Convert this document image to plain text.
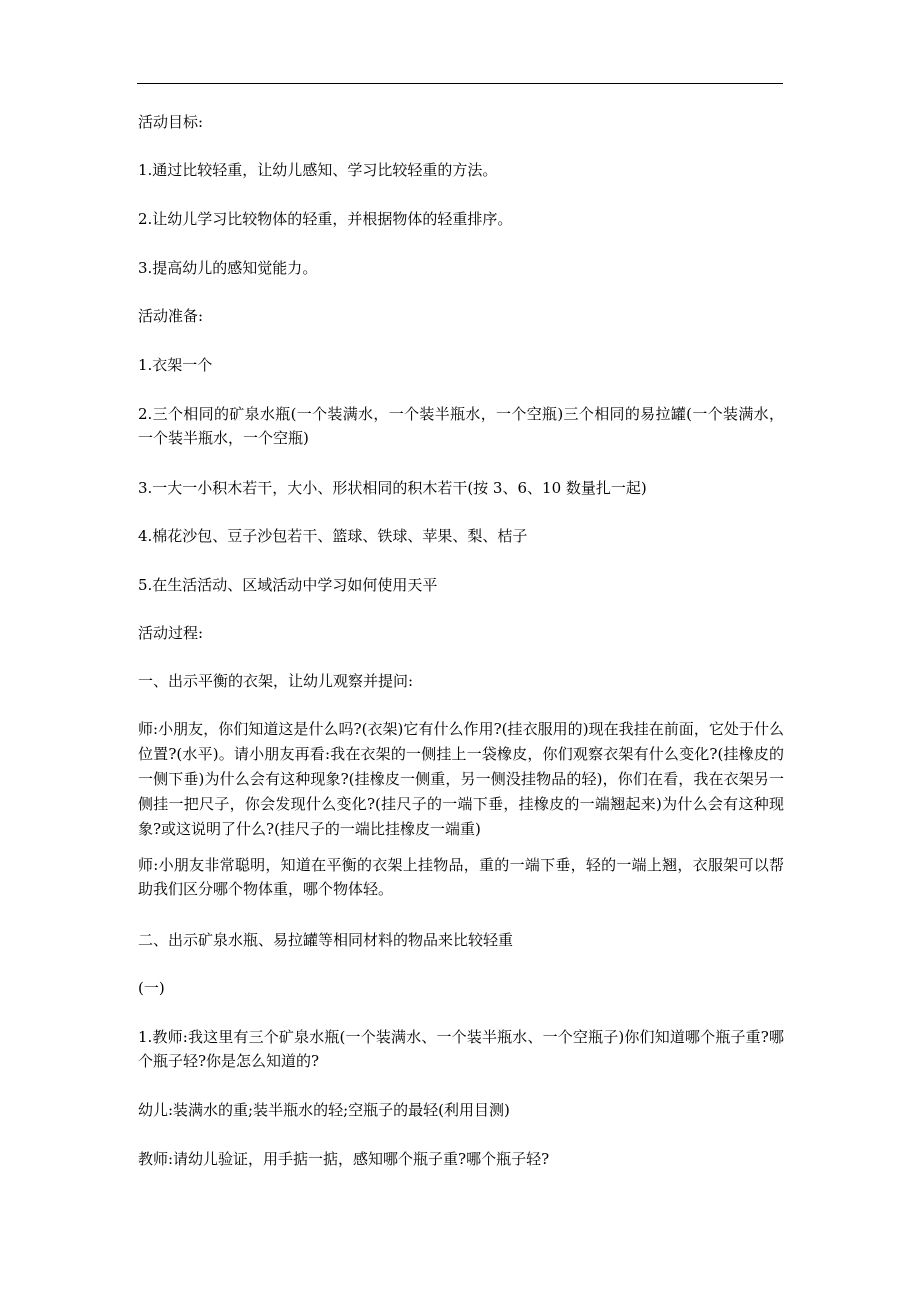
活动目标:

1.通过比较轻重，让幼儿感知、学习比较轻重的方法。

2.让幼儿学习比较物体的轻重，并根据物体的轻重排序。

3.提高幼儿的感知觉能力。

活动准备:

1.衣架一个

2.三个相同的矿泉水瓶(一个装满水，一个装半瓶水，一个空瓶)三个相同的易拉罐(一个装满水，一个装半瓶水，一个空瓶)

3.一大一小积木若干，大小、形状相同的积木若干(按 3、6、10 数量扎一起)

4.棉花沙包、豆子沙包若干、篮球、铁球、苹果、梨、桔子

5.在生活活动、区域活动中学习如何使用天平

活动过程:

一、出示平衡的衣架，让幼儿观察并提问:

师:小朋友，你们知道这是什么吗?(衣架)它有什么作用?(挂衣服用的)现在我挂在前面，它处于什么位置?(水平)。请小朋友再看:我在衣架的一侧挂上一袋橡皮，你们观察衣架有什么变化?(挂橡皮的一侧下垂)为什么会有这种现象?(挂橡皮一侧重，另一侧没挂物品的轻)，你们在看，我在衣架另一侧挂一把尺子，你会发现什么变化?(挂尺子的一端下垂，挂橡皮的一端翘起来)为什么会有这种现象?或这说明了什么?(挂尺子的一端比挂橡皮一端重)

师:小朋友非常聪明，知道在平衡的衣架上挂物品，重的一端下垂，轻的一端上翘，衣服架可以帮助我们区分哪个物体重，哪个物体轻。

二、出示矿泉水瓶、易拉罐等相同材料的物品来比较轻重

(一)

1.教师:我这里有三个矿泉水瓶(一个装满水、一个装半瓶水、一个空瓶子)你们知道哪个瓶子重?哪个瓶子轻?你是怎么知道的?

幼儿:装满水的重;装半瓶水的轻;空瓶子的最轻(利用目测)

教师:请幼儿验证，用手掂一掂，感知哪个瓶子重?哪个瓶子轻?
